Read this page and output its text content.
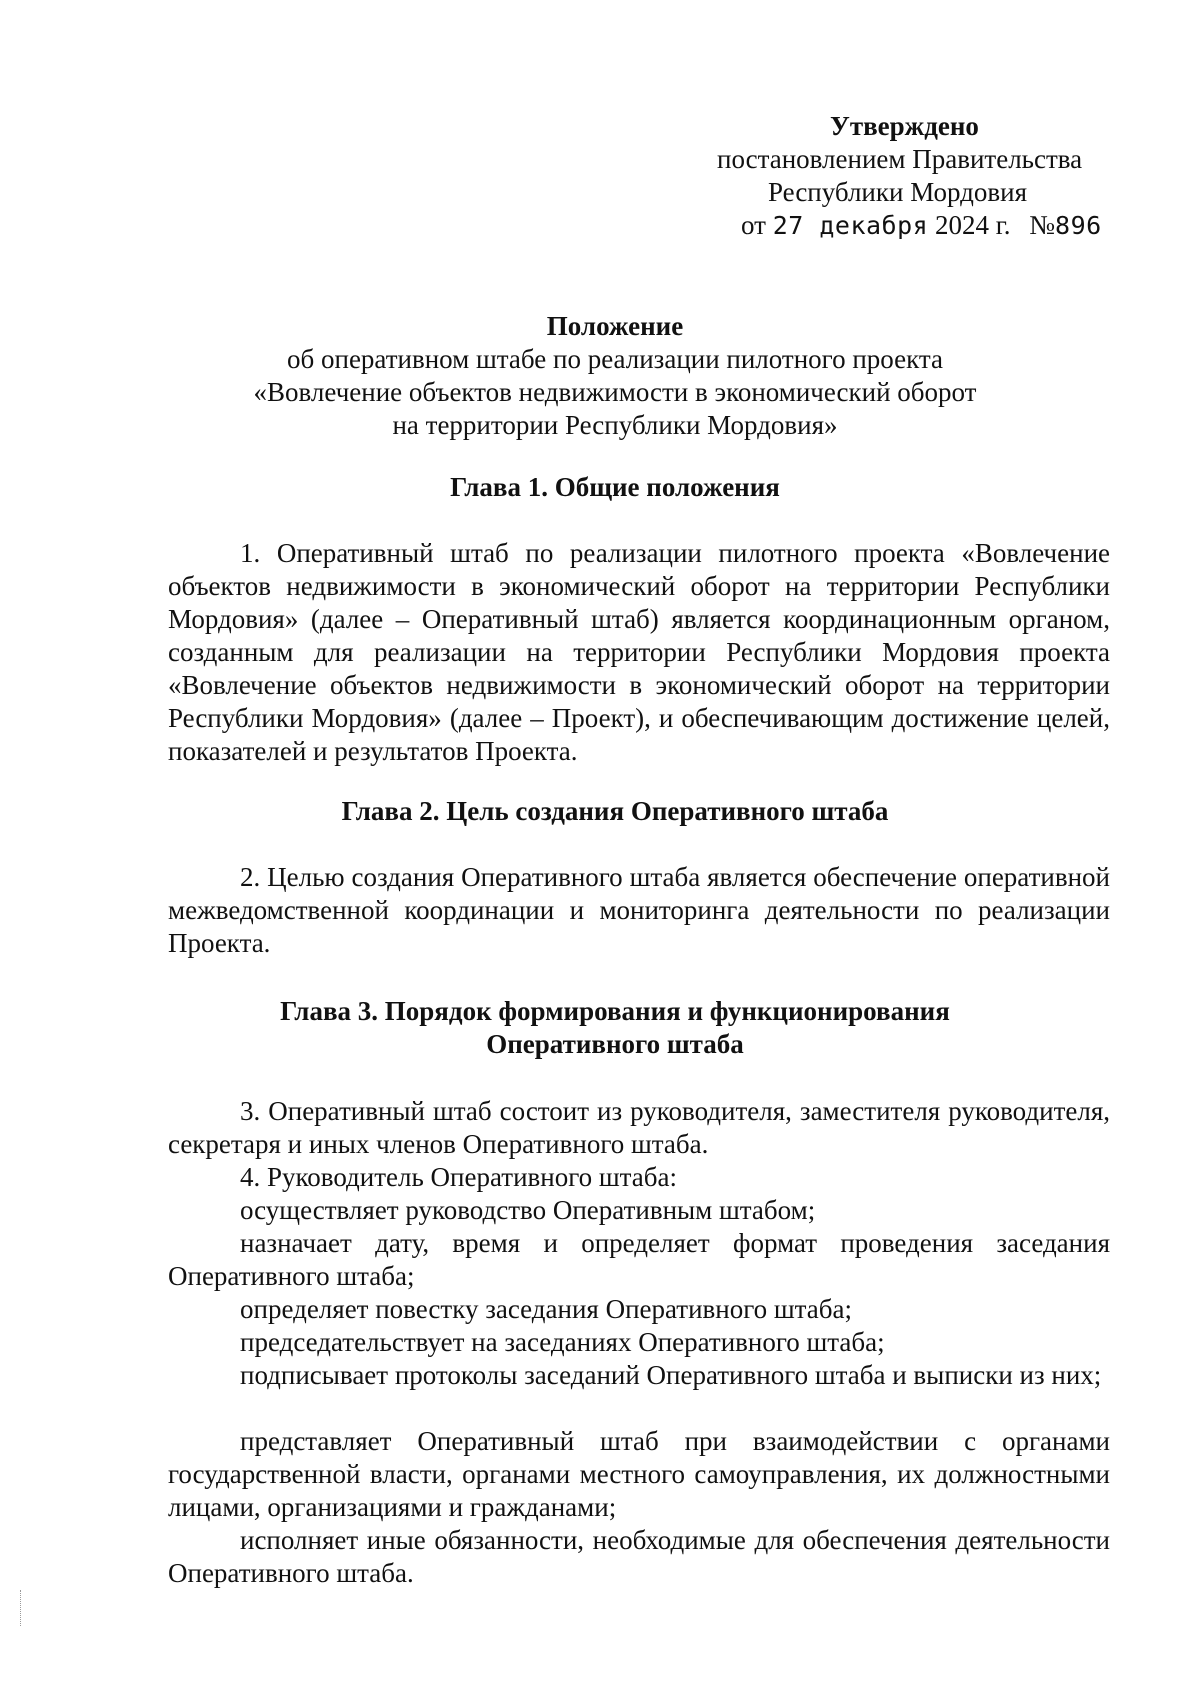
Утверждено
постановлением Правительства
Республики Мордовия
от 27 декабря 2024 г. №896
Положение
об оперативном штабе по реализации пилотного проекта
«Вовлечение объектов недвижимости в экономический оборот
на территории Республики Мордовия»
Глава 1. Общие положения

1. Оперативный штаб по реализации пилотного проекта «Вовлечение объектов недвижимости в экономический оборот на территории Республики Мордовия» (далее – Оперативный штаб) является координационным органом, созданным для реализации на территории Республики Мордовия проекта «Вовлечение объектов недвижимости в экономический оборот на территории Республики Мордовия» (далее – Проект), и обеспечивающим достижение целей, показателей и результатов Проекта.

Глава 2. Цель создания Оперативного штаба

2. Целью создания Оперативного штаба является обеспечение оперативной межведомственной координации и мониторинга деятельности по реализации Проекта.

Глава 3. Порядок формирования и функционирования
Оперативного штаба

3. Оперативный штаб состоит из руководителя, заместителя руководителя, секретаря и иных членов Оперативного штаба.

4. Руководитель Оперативного штаба:

осуществляет руководство Оперативным штабом;

назначает дату, время и определяет формат проведения заседания Оперативного штаба;

определяет повестку заседания Оперативного штаба;

председательствует на заседаниях Оперативного штаба;

подписывает протоколы заседаний Оперативного штаба и выписки из них;

представляет Оперативный штаб при взаимодействии с органами государственной власти, органами местного самоуправления, их должностными лицами, организациями и гражданами;

исполняет иные обязанности, необходимые для обеспечения деятельности Оперативного штаба.
